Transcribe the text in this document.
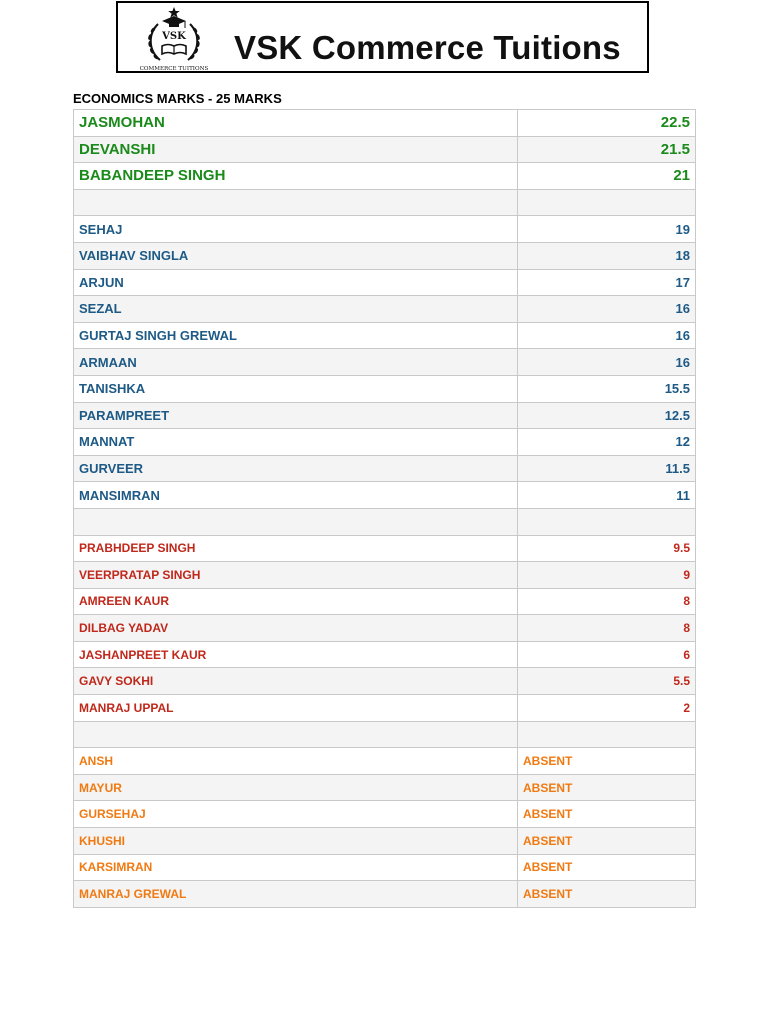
VSK
COMMERCE TUITIONS
VSK Commerce Tuitions
ECONOMICS MARKS - 25 MARKS
JASMOHAN	22.5
DEVANSHI	21.5
BABANDEEP SINGH	21

SEHAJ	19
VAIBHAV SINGLA	18
ARJUN	17
SEZAL	16
GURTAJ SINGH GREWAL	16
ARMAAN	16
TANISHKA	15.5
PARAMPREET	12.5
MANNAT	12
GURVEER	11.5
MANSIMRAN	11

PRABHDEEP SINGH	9.5
VEERPRATAP SINGH	9
AMREEN KAUR	8
DILBAG YADAV	8
JASHANPREET KAUR	6
GAVY SOKHI	5.5
MANRAJ UPPAL	2

ANSH	ABSENT
MAYUR	ABSENT
GURSEHAJ	ABSENT
KHUSHI	ABSENT
KARSIMRAN	ABSENT
MANRAJ GREWAL	ABSENT
